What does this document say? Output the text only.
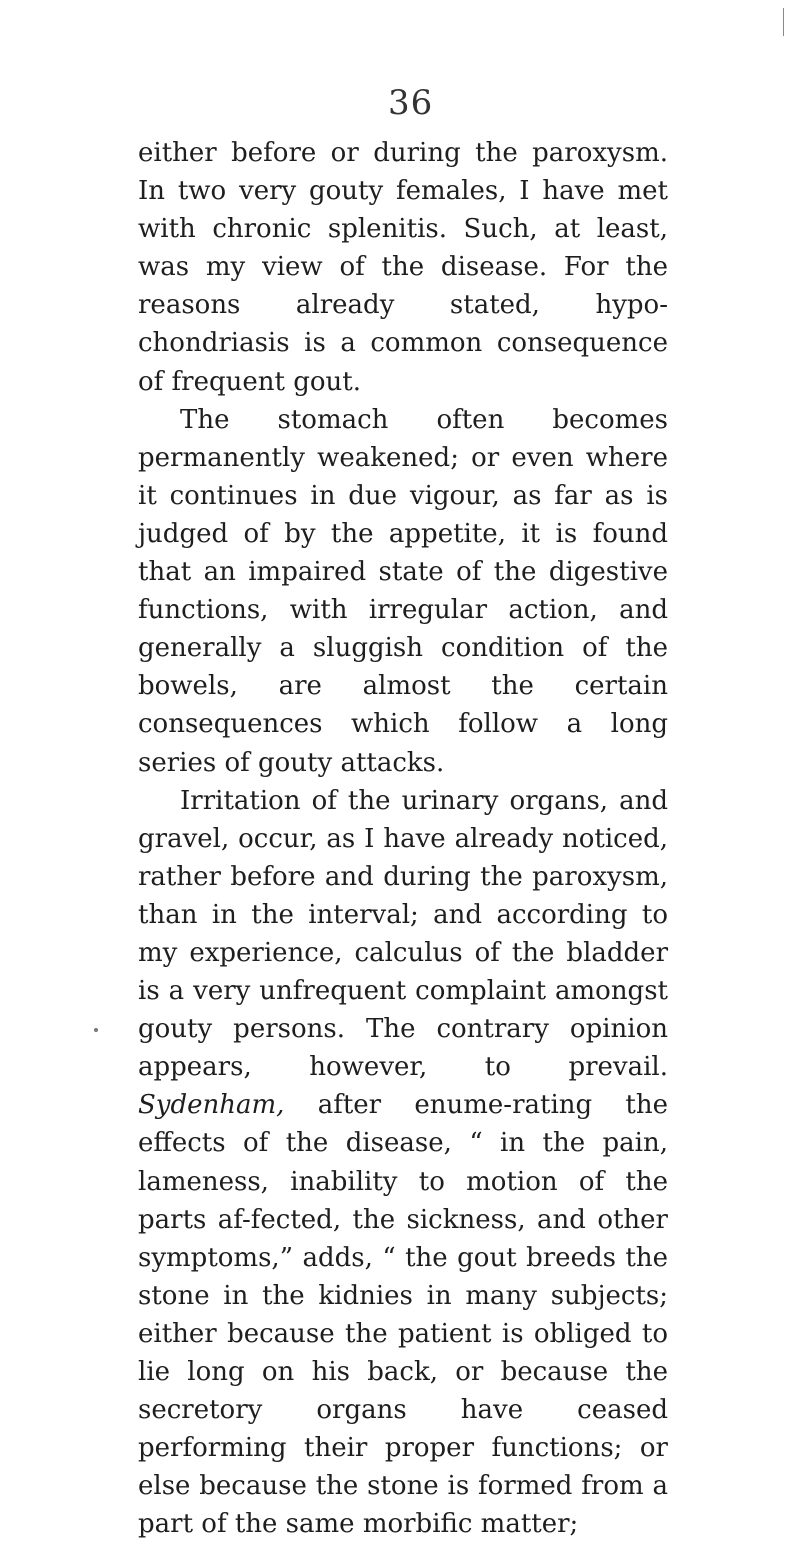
36

either before or during the paroxysm. In two very gouty females, I have met with chronic splenitis. Such, at least, was my view of the disease. For the reasons already stated, hypo-chondriasis is a common consequence of frequent gout.

The stomach often becomes permanently weakened; or even where it continues in due vigour, as far as is judged of by the appetite, it is found that an impaired state of the digestive functions, with irregular action, and generally a sluggish condition of the bowels, are almost the certain consequences which follow a long series of gouty attacks.

Irritation of the urinary organs, and gravel, occur, as I have already noticed, rather before and during the paroxysm, than in the interval; and according to my experience, calculus of the bladder is a very unfrequent complaint amongst gouty persons. The contrary opinion appears, however, to prevail. Sydenham, after enume-rating the effects of the disease, “ in the pain, lameness, inability to motion of the parts af-fected, the sickness, and other symptoms,” adds, “ the gout breeds the stone in the kidnies in many subjects; either because the patient is obliged to lie long on his back, or because the secretory organs have ceased performing their proper functions; or else because the stone is formed from a part of the same morbific matter;
